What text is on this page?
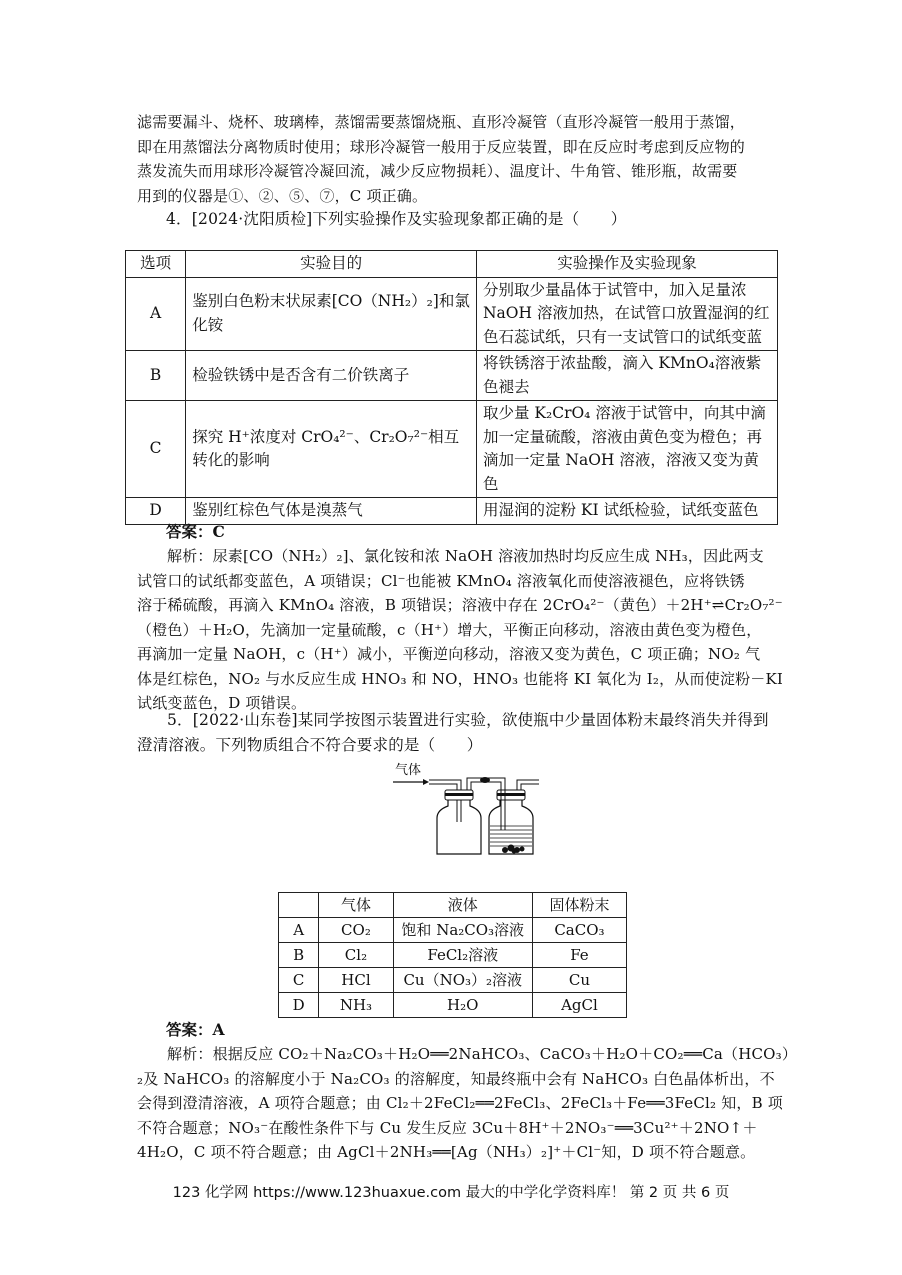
滤需要漏斗、烧杯、玻璃棒，蒸馏需要蒸馏烧瓶、直形冷凝管（直形冷凝管一般用于蒸馏，
即在用蒸馏法分离物质时使用；球形冷凝管一般用于反应装置，即在反应时考虑到反应物的
蒸发流失而用球形冷凝管冷凝回流，减少反应物损耗）、温度计、牛角管、锥形瓶，故需要
用到的仪器是①、②、⑤、⑦，C 项正确。
4．[2024·沈阳质检]下列实验操作及实验现象都正确的是（　　）
选项	实验目的	实验操作及实验现象
A	鉴别白色粉末状尿素[CO（NH₂）₂]和氯化铵	分别取少量晶体于试管中，加入足量浓NaOH 溶液加热，在试管口放置湿润的红色石蕊试纸，只有一支试管口的试纸变蓝
B	检验铁锈中是否含有二价铁离子	将铁锈溶于浓盐酸，滴入 KMnO₄溶液紫色褪去
C	探究 H⁺浓度对 CrO₄²⁻、Cr₂O₇²⁻相互转化的影响	取少量 K₂CrO₄ 溶液于试管中，向其中滴加一定量硫酸，溶液由黄色变为橙色；再滴加一定量 NaOH 溶液，溶液又变为黄色
D	鉴别红棕色气体是溴蒸气	用湿润的淀粉 KI 试纸检验，试纸变蓝色

答案：C

解析：尿素[CO（NH₂）₂]、氯化铵和浓 NaOH 溶液加热时均反应生成 NH₃，因此两支
试管口的试纸都变蓝色，A 项错误；Cl⁻也能被 KMnO₄ 溶液氧化而使溶液褪色，应将铁锈
溶于稀硫酸，再滴入 KMnO₄ 溶液，B 项错误；溶液中存在 2CrO₄²⁻（黄色）＋2H⁺⇌Cr₂O₇²⁻
（橙色）＋H₂O，先滴加一定量硫酸，c（H⁺）增大，平衡正向移动，溶液由黄色变为橙色，
再滴加一定量 NaOH，c（H⁺）减小，平衡逆向移动，溶液又变为黄色，C 项正确；NO₂ 气
体是红棕色，NO₂ 与水反应生成 HNO₃ 和 NO，HNO₃ 也能将 KI 氧化为 I₂，从而使淀粉－KI
试纸变蓝色，D 项错误。
5．[2022·山东卷]某同学按图示装置进行实验，欲使瓶中少量固体粉末最终消失并得到
澄清溶液。下列物质组合不符合要求的是（　　）
气体
	气体	液体	固体粉末
A	CO₂	饱和 Na₂CO₃溶液	CaCO₃
B	Cl₂	FeCl₂溶液	Fe
C	HCl	Cu（NO₃）₂溶液	Cu
D	NH₃	H₂O	AgCl

答案：A

解析：根据反应 CO₂＋Na₂CO₃＋H₂O══2NaHCO₃、CaCO₃＋H₂O＋CO₂══Ca（HCO₃）
₂及 NaHCO₃ 的溶解度小于 Na₂CO₃ 的溶解度，知最终瓶中会有 NaHCO₃ 白色晶体析出，不
会得到澄清溶液，A 项符合题意；由 Cl₂＋2FeCl₂══2FeCl₃、2FeCl₃＋Fe══3FeCl₂ 知，B 项
不符合题意；NO₃⁻在酸性条件下与 Cu 发生反应 3Cu＋8H⁺＋2NO₃⁻══3Cu²⁺＋2NO↑＋
4H₂O，C 项不符合题意；由 AgCl＋2NH₃══[Ag（NH₃）₂]⁺＋Cl⁻知，D 项不符合题意。
123 化学网 https://www.123huaxue.com 最大的中学化学资料库！ 第 2 页 共 6 页
